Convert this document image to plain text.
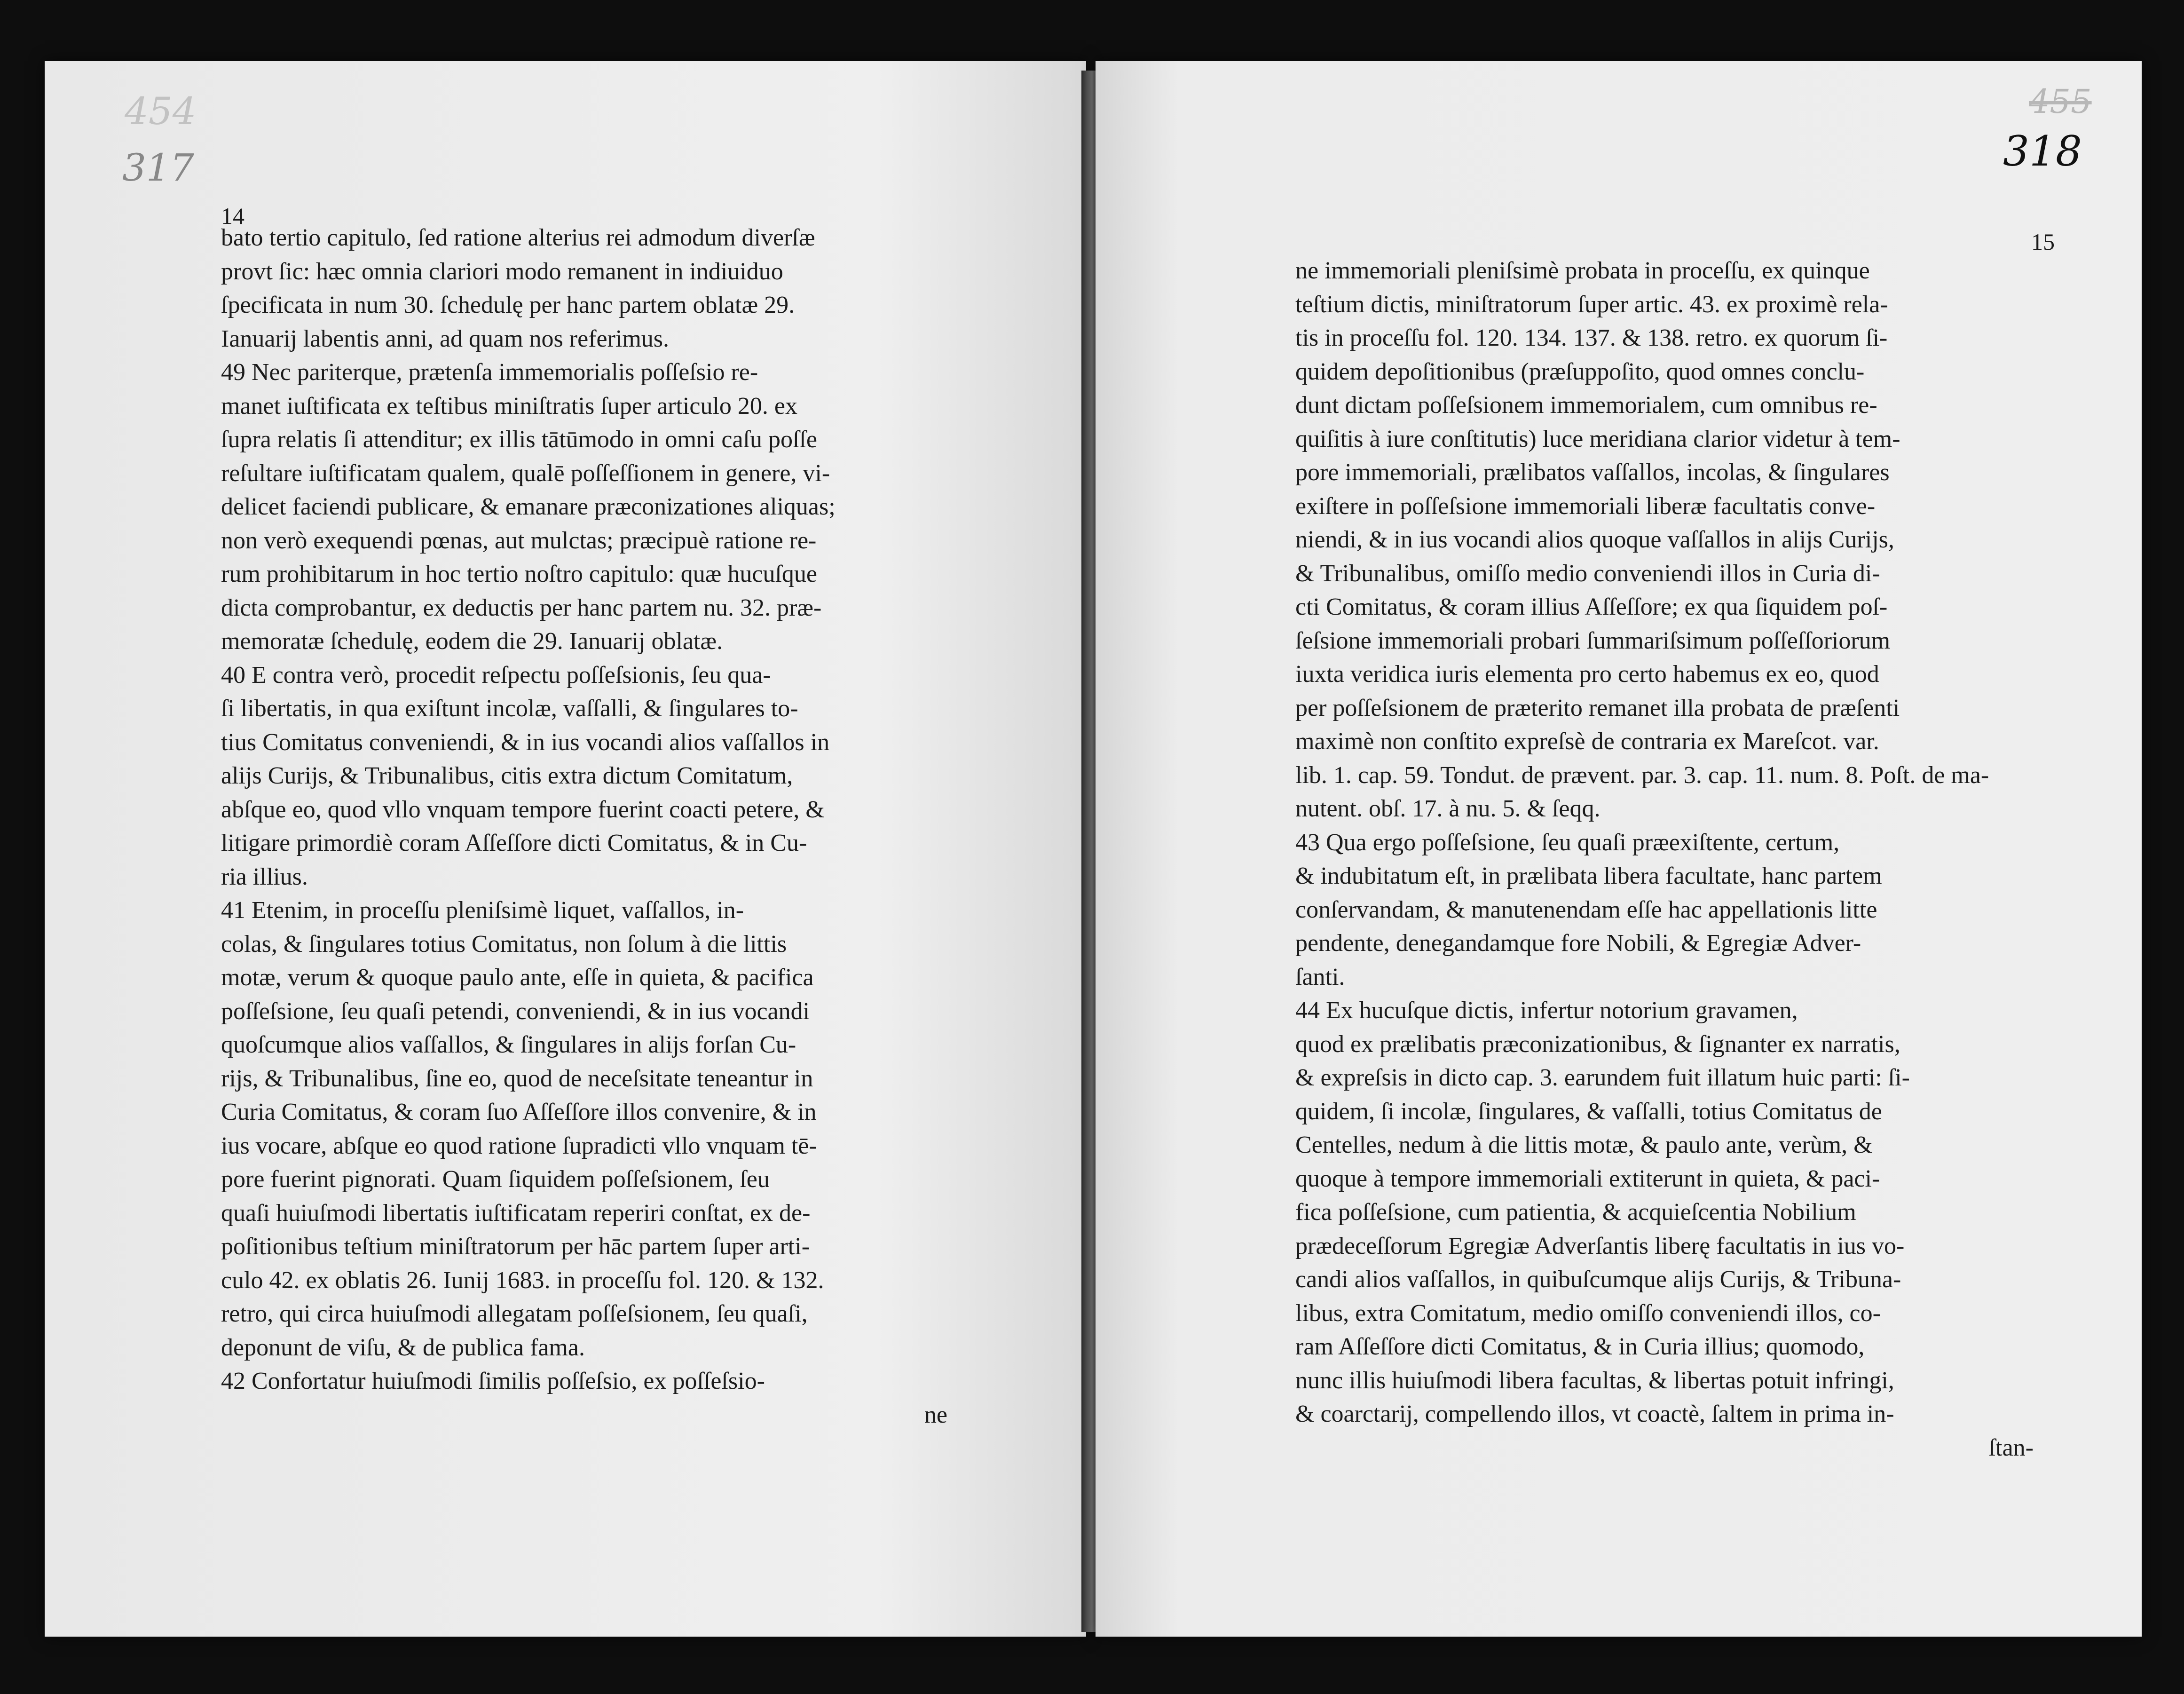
454
317
14
bato tertio capitulo, ſed ratione alterius rei admodum diverſæ
provt ſic: hæc omnia clariori modo remanent in indiuiduo
ſpecificata in num 30. ſchedulę per hanc partem oblatæ 29.
Ianuarij labentis anni, ad quam nos referimus.
49 Nec pariterque, prætenſa immemorialis poſſeſsio re-
manet iuſtificata ex teſtibus miniſtratis ſuper articulo 20. ex
ſupra relatis ſi attenditur; ex illis tātūmodo in omni caſu poſſe
reſultare iuſtificatam qualem, qualē poſſeſſionem in genere, vi-
delicet faciendi publicare, & emanare præconizationes aliquas;
non verò exequendi pœnas, aut mulctas; præcipuè ratione re-
rum prohibitarum in hoc tertio noſtro capitulo: quæ hucuſque
dicta comprobantur, ex deductis per hanc partem nu. 32. præ-
memoratæ ſchedulę, eodem die 29. Ianuarij oblatæ.
40 E contra verò, procedit reſpectu poſſeſsionis, ſeu qua-
ſi libertatis, in qua exiſtunt incolæ, vaſſalli, & ſingulares to-
tius Comitatus conveniendi, & in ius vocandi alios vaſſallos in
alijs Curijs, & Tribunalibus, citis extra dictum Comitatum,
abſque eo, quod vllo vnquam tempore fuerint coacti petere, &
litigare primordiè coram Aſſeſſore dicti Comitatus, & in Cu-
ria illius.
41 Etenim, in proceſſu pleniſsimè liquet, vaſſallos, in-
colas, & ſingulares totius Comitatus, non ſolum à die littis
motæ, verum & quoque paulo ante, eſſe in quieta, & pacifica
poſſeſsione, ſeu quaſi petendi, conveniendi, & in ius vocandi
quoſcumque alios vaſſallos, & ſingulares in alijs forſan Cu-
rijs, & Tribunalibus, ſine eo, quod de neceſsitate teneantur in
Curia Comitatus, & coram ſuo Aſſeſſore illos convenire, & in
ius vocare, abſque eo quod ratione ſupradicti vllo vnquam tē-
pore fuerint pignorati. Quam ſiquidem poſſeſsionem, ſeu
quaſi huiuſmodi libertatis iuſtificatam reperiri conſtat, ex de-
poſitionibus teſtium miniſtratorum per hāc partem ſuper arti-
culo 42. ex oblatis 26. Iunij 1683. in proceſſu fol. 120. & 132.
retro, qui circa huiuſmodi allegatam poſſeſsionem, ſeu quaſi,
deponunt de viſu, & de publica fama.
42 Confortatur huiuſmodi ſimilis poſſeſsio, ex poſſeſsio-
ne
455
318
15
ne immemoriali pleniſsimè probata in proceſſu, ex quinque
teſtium dictis, miniſtratorum ſuper artic. 43. ex proximè rela-
tis in proceſſu fol. 120. 134. 137. & 138. retro. ex quorum ſi-
quidem depoſitionibus (præſuppoſito, quod omnes conclu-
dunt dictam poſſeſsionem immemorialem, cum omnibus re-
quiſitis à iure conſtitutis) luce meridiana clarior videtur à tem-
pore immemoriali, prælibatos vaſſallos, incolas, & ſingulares
exiſtere in poſſeſsione immemoriali liberæ facultatis conve-
niendi, & in ius vocandi alios quoque vaſſallos in alijs Curijs,
& Tribunalibus, omiſſo medio conveniendi illos in Curia di-
cti Comitatus, & coram illius Aſſeſſore; ex qua ſiquidem poſ-
ſeſsione immemoriali probari ſummariſsimum poſſeſſoriorum
iuxta veridica iuris elementa pro certo habemus ex eo, quod
per poſſeſsionem de præterito remanet illa probata de præſenti
maximè non conſtito expreſsè de contraria ex Mareſcot. var.
lib. 1. cap. 59. Tondut. de prævent. par. 3. cap. 11. num. 8. Poſt. de ma-
nutent. obſ. 17. à nu. 5. & ſeqq.
43 Qua ergo poſſeſsione, ſeu quaſi præexiſtente, certum,
& indubitatum eſt, in prælibata libera facultate, hanc partem
conſervandam, & manutenendam eſſe hac appellationis litte
pendente, denegandamque fore Nobili, & Egregiæ Adver-
ſanti.
44 Ex hucuſque dictis, infertur notorium gravamen,
quod ex prælibatis præconizationibus, & ſignanter ex narratis,
& expreſsis in dicto cap. 3. earundem fuit illatum huic parti: ſi-
quidem, ſi incolæ, ſingulares, & vaſſalli, totius Comitatus de
Centelles, nedum à die littis motæ, & paulo ante, verùm, &
quoque à tempore immemoriali extiterunt in quieta, & paci-
fica poſſeſsione, cum patientia, & acquieſcentia Nobilium
prædeceſſorum Egregiæ Adverſantis liberę facultatis in ius vo-
candi alios vaſſallos, in quibuſcumque alijs Curijs, & Tribuna-
libus, extra Comitatum, medio omiſſo conveniendi illos, co-
ram Aſſeſſore dicti Comitatus, & in Curia illius; quomodo,
nunc illis huiuſmodi libera facultas, & libertas potuit infringi,
& coarctarij, compellendo illos, vt coactè, ſaltem in prima in-
ſtan-
